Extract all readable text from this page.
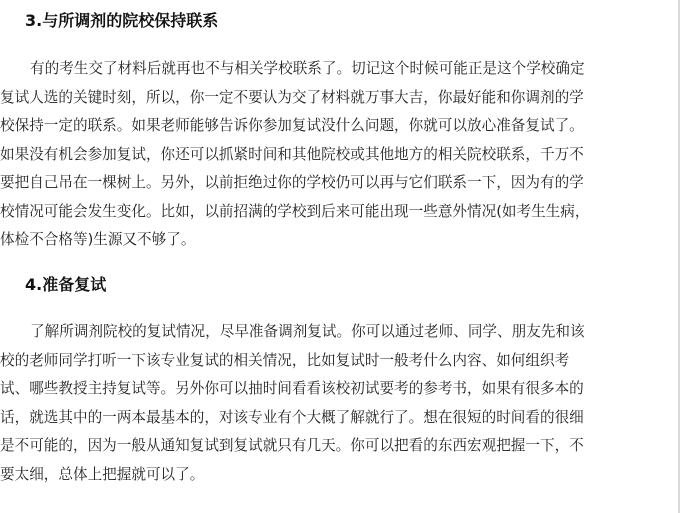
3.与所调剂的院校保持联系
有的考生交了材料后就再也不与相关学校联系了。切记这个时候可能正是这个学校确定
复试人选的关键时刻，所以，你一定不要认为交了材料就万事大吉，你最好能和你调剂的学
校保持一定的联系。如果老师能够告诉你参加复试没什么问题，你就可以放心准备复试了。
如果没有机会参加复试，你还可以抓紧时间和其他院校或其他地方的相关院校联系，千万不
要把自己吊在一棵树上。另外，以前拒绝过你的学校仍可以再与它们联系一下，因为有的学
校情况可能会发生变化。比如，以前招满的学校到后来可能出现一些意外情况(如考生生病，
体检不合格等)生源又不够了。
4.准备复试
了解所调剂院校的复试情况，尽早准备调剂复试。你可以通过老师、同学、朋友先和该
校的老师同学打听一下该专业复试的相关情况，比如复试时一般考什么内容、如何组织考
试、哪些教授主持复试等。另外你可以抽时间看看该校初试要考的参考书，如果有很多本的
话，就选其中的一两本最基本的，对该专业有个大概了解就行了。想在很短的时间看的很细
是不可能的，因为一般从通知复试到复试就只有几天。你可以把看的东西宏观把握一下，不
要太细，总体上把握就可以了。
